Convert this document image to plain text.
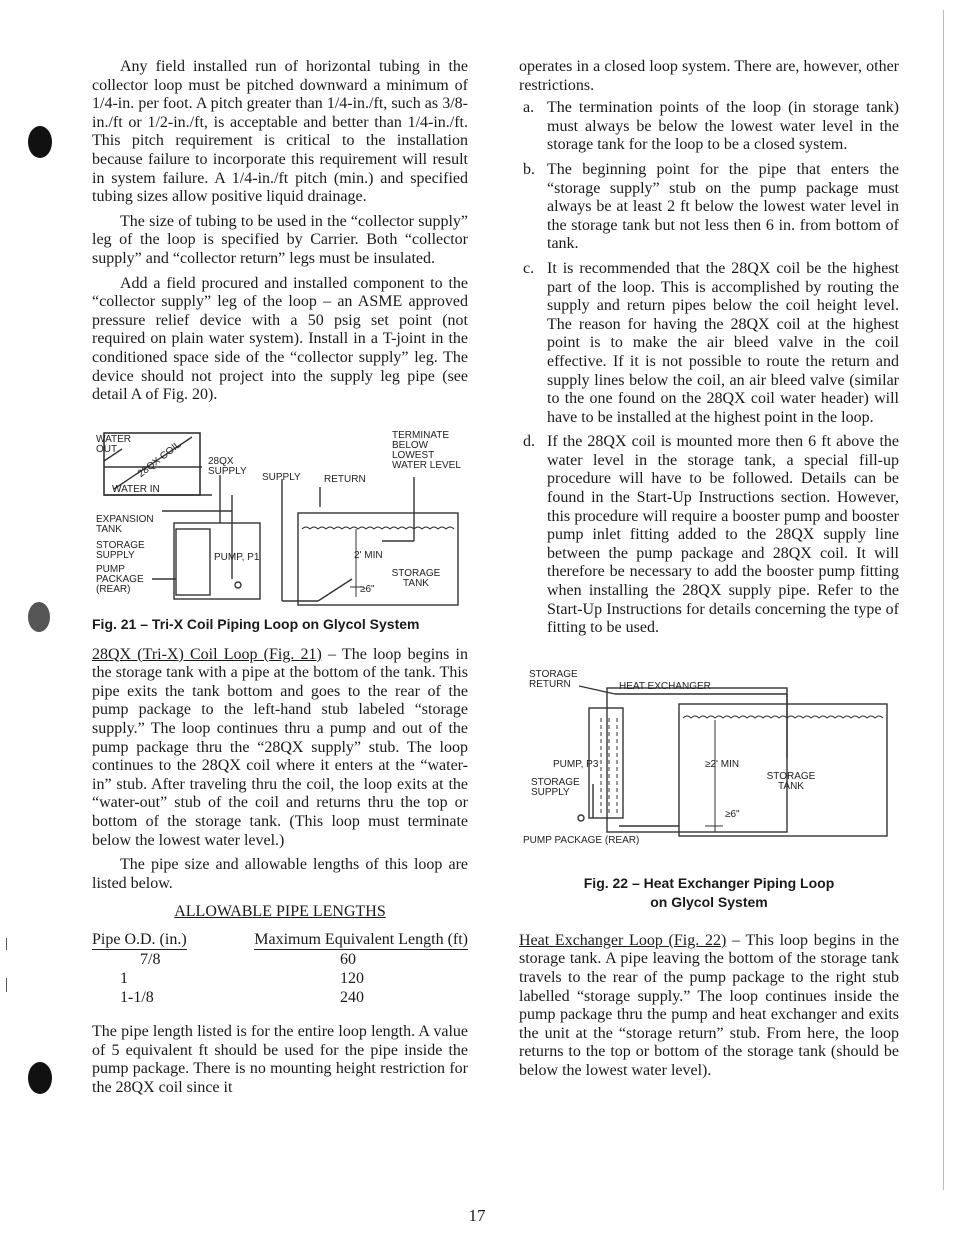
Any field installed run of horizontal tubing in the collector loop must be pitched downward a minimum of 1/4-in. per foot. A pitch greater than 1/4-in./ft, such as 3/8-in./ft or 1/2-in./ft, is acceptable and better than 1/4-in./ft. This pitch requirement is critical to the installation because failure to incorporate this requirement will result in system failure. A 1/4-in./ft pitch (min.) and specified tubing sizes allow positive liquid drainage.

The size of tubing to be used in the “collector supply” leg of the loop is specified by Carrier. Both “collector supply” and “collector return” legs must be insulated.

Add a field procured and installed component to the “collector supply” leg of the loop – an ASME approved pressure relief device with a 50 psig set point (not required on plain water system). Install in a T-joint in the conditioned space side of the “collector supply” leg. The device should not project into the supply leg pipe (see detail A of Fig. 20).

WATER OUT	28QX COIL
WATER IN
28QX SUPPLY
SUPPLY RETURN
TERMINATE BELOW LOWEST WATER LEVEL
EXPANSION TANK
STORAGE SUPPLY	PUMP, P1
PUMP PACKAGE (REAR)
2' MIN
≥6"
STORAGE TANK
Fig. 21 – Tri-X Coil Piping Loop on Glycol System

28QX (Tri-X) Coil Loop (Fig. 21) – The loop begins in the storage tank with a pipe at the bottom of the tank. This pipe exits the tank bottom and goes to the rear of the pump package to the left-hand stub labeled “storage supply.” The loop continues thru a pump and out of the pump package thru the “28QX supply” stub. The loop continues to the 28QX coil where it enters at the “water-in” stub. After traveling thru the coil, the loop exits at the “water-out” stub of the coil and returns thru the top or bottom of the storage tank. (This loop must terminate below the lowest water level.)

The pipe size and allowable lengths of this loop are listed below.

ALLOWABLE PIPE LENGTHS
Pipe O.D. (in.)	Maximum Equivalent Length (ft)
7/8	60
1	120
1-1/8	240

The pipe length listed is for the entire loop length. A value of 5 equivalent ft should be used for the pipe inside the pump package. There is no mounting height restriction for the 28QX coil since it

operates in a closed loop system. There are, however, other restrictions.

a. The termination points of the loop (in storage tank) must always be below the lowest water level in the storage tank for the loop to be a closed system.
b. The beginning point for the pipe that enters the “storage supply” stub on the pump package must always be at least 2 ft below the lowest water level in the storage tank but not less then 6 in. from bottom of tank.
c. It is recommended that the 28QX coil be the highest part of the loop. This is accomplished by routing the supply and return pipes below the coil height level. The reason for having the 28QX coil at the highest point is to make the air bleed valve in the coil effective. If it is not possible to route the return and supply lines below the coil, an air bleed valve (similar to the one found on the 28QX coil water header) will have to be installed at the highest point in the loop.
d. If the 28QX coil is mounted more then 6 ft above the water level in the storage tank, a special fill-up procedure will have to be followed. Details can be found in the Start-Up Instructions section. However, this procedure will require a booster pump and booster pump inlet fitting added to the 28QX supply line between the pump package and 28QX coil. It will therefore be necessary to add the booster pump fitting when installing the 28QX supply pipe. Refer to the Start-Up Instructions for details concerning the type of fitting to be used.
STORAGE RETURN	HEAT EXCHANGER
PUMP, P3
STORAGE SUPPLY
≥2' MIN
≥6"
STORAGE TANK
PUMP PACKAGE (REAR)
Fig. 22 – Heat Exchanger Piping Loop
on Glycol System

Heat Exchanger Loop (Fig. 22) – This loop begins in the storage tank. A pipe leaving the bottom of the storage tank travels to the rear of the pump package to the right stub labelled “storage supply.” The loop continues inside the pump package thru the pump and heat exchanger and exits the unit at the “storage return” stub. From here, the loop returns to the top or bottom of the storage tank (should be below the lowest water level).

17
